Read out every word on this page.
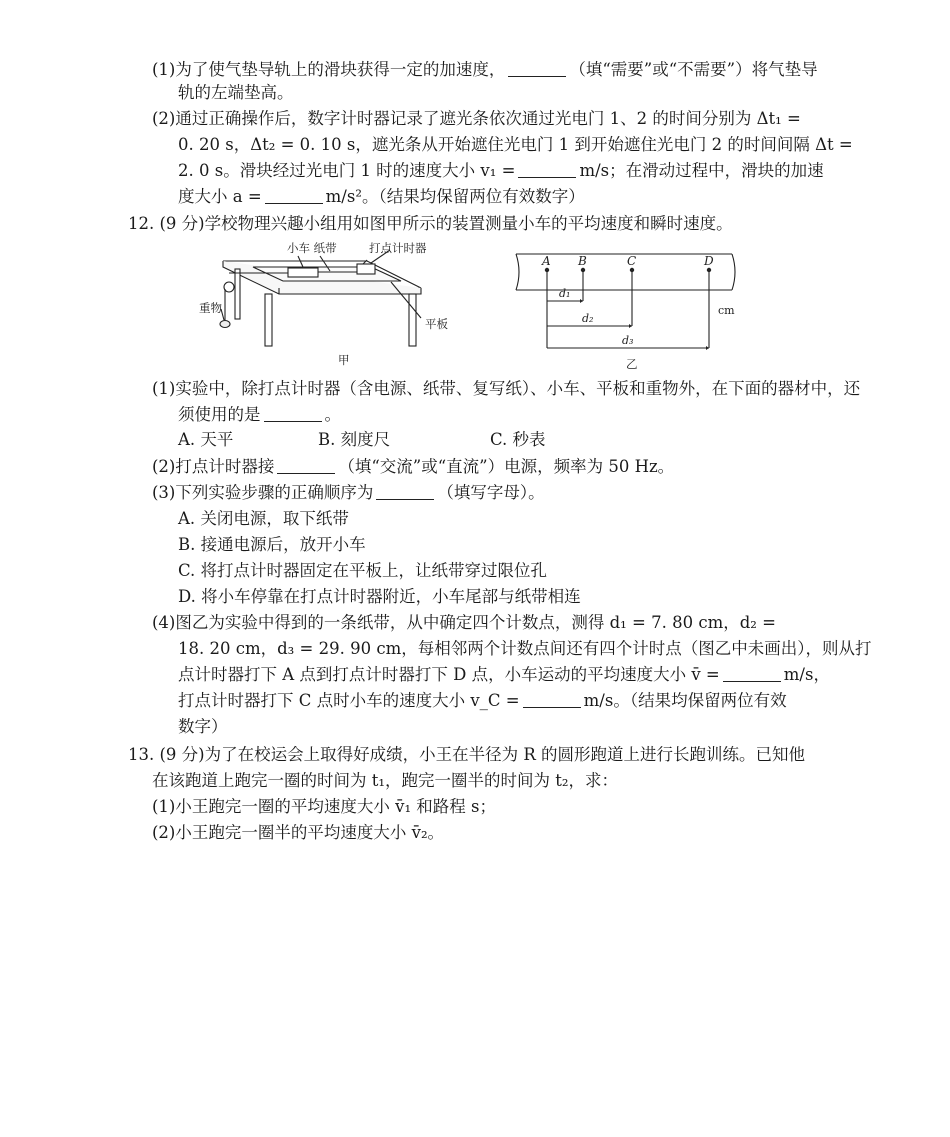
(1)为了使气垫导轨上的滑块获得一定的加速度，	（填“需要”或“不需要”）将气垫导
轨的左端垫高。
(2)通过正确操作后，数字计时器记录了遮光条依次通过光电门 1、2 的时间分别为 Δt₁ =
0. 20 s，Δt₂ = 0. 10 s，遮光条从开始遮住光电门 1 到开始遮住光电门 2 的时间间隔 Δt =
2. 0 s。滑块经过光电门 1 时的速度大小 v₁ =	m/s；在滑动过程中，滑块的加速
度大小 a =	m/s²。（结果均保留两位有效数字）
12. (9 分)学校物理兴趣小组用如图甲所示的装置测量小车的平均速度和瞬时速度。
小车 纸带	打点计时器
重物
平板
甲
A B	C	D
d₁
d₂
d₃
cm
乙
(1)实验中，除打点计时器（含电源、纸带、复写纸）、小车、平板和重物外，在下面的器材中，还
须使用的是	。
A. 天平	B. 刻度尺	C. 秒表
(2)打点计时器接	（填“交流”或“直流”）电源，频率为 50 Hz。
(3)下列实验步骤的正确顺序为	（填写字母）。
A. 关闭电源，取下纸带
B. 接通电源后，放开小车
C. 将打点计时器固定在平板上，让纸带穿过限位孔
D. 将小车停靠在打点计时器附近，小车尾部与纸带相连
(4)图乙为实验中得到的一条纸带，从中确定四个计数点，测得 d₁ = 7. 80 cm，d₂ =
18. 20 cm，d₃ = 29. 90 cm，每相邻两个计数点间还有四个计时点（图乙中未画出），则从打
点计时器打下 A 点到打点计时器打下 D 点，小车运动的平均速度大小 v̄ =	m/s，
打点计时器打下 C 点时小车的速度大小 v_C =	m/s。（结果均保留两位有效
数字）
13. (9 分)为了在校运会上取得好成绩，小王在半径为 R 的圆形跑道上进行长跑训练。已知他
在该跑道上跑完一圈的时间为 t₁，跑完一圈半的时间为 t₂，求：
(1)小王跑完一圈的平均速度大小 v̄₁ 和路程 s；
(2)小王跑完一圈半的平均速度大小 v̄₂。
